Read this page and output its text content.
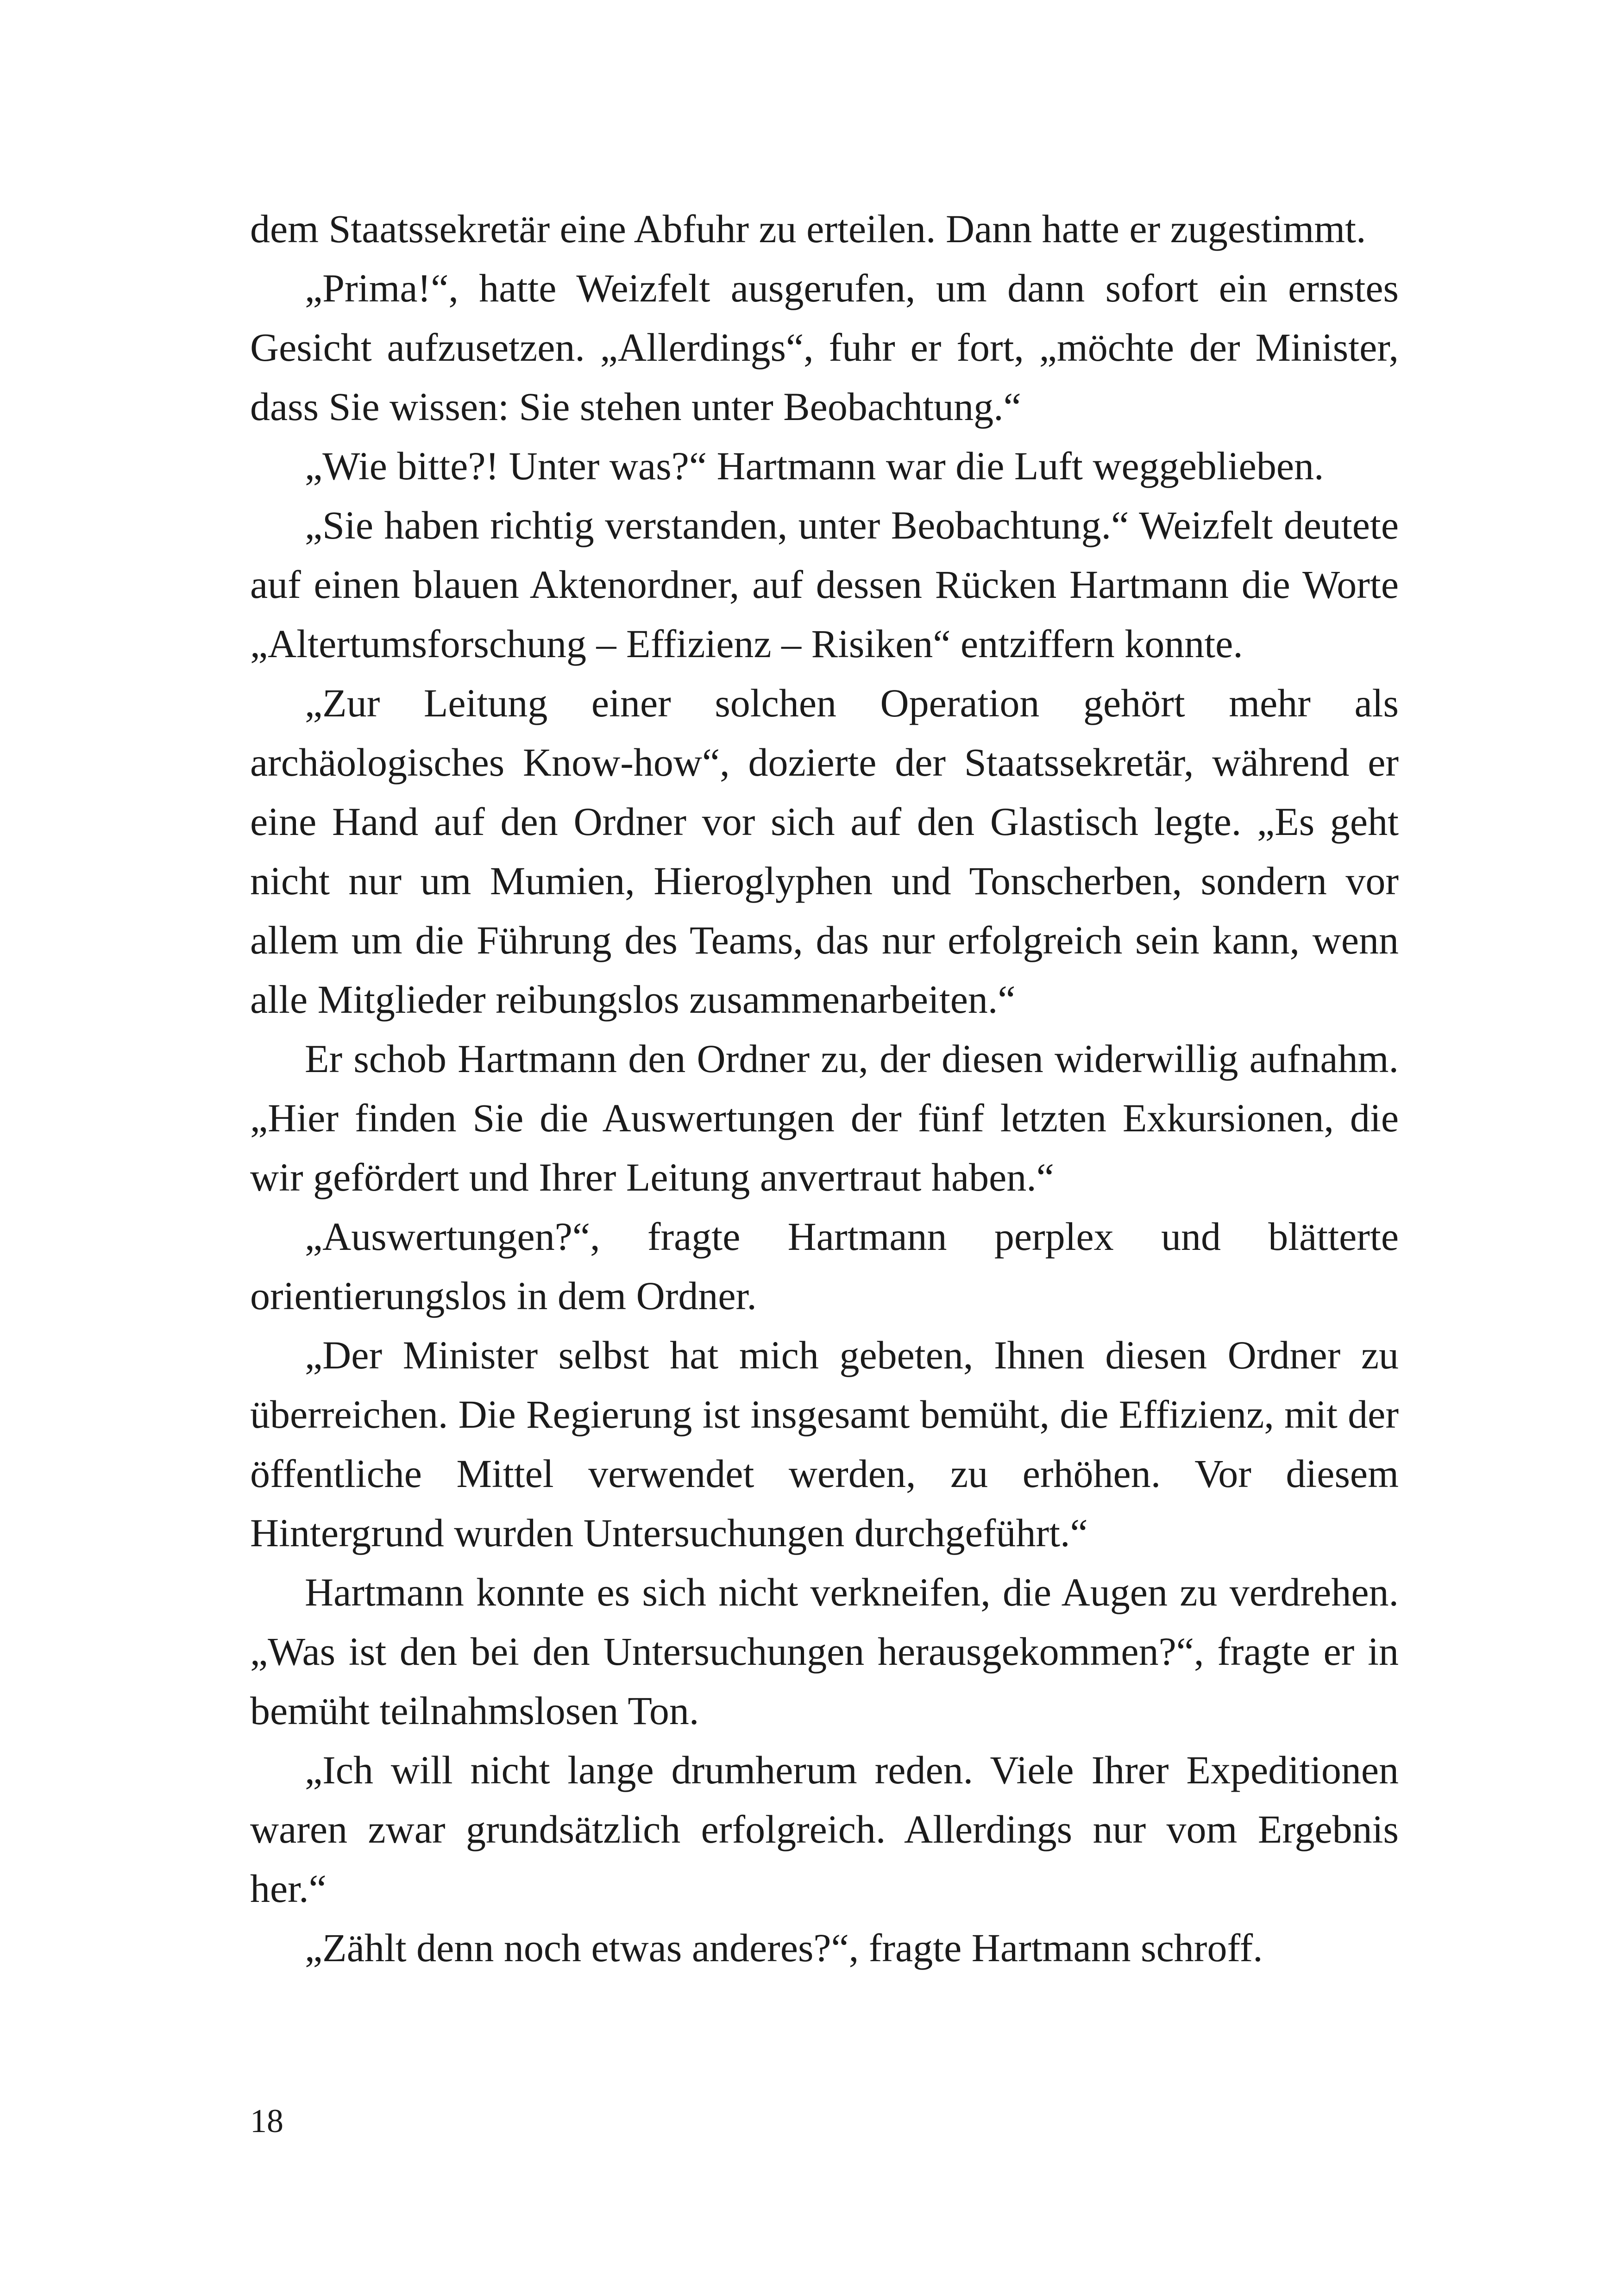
dem Staatssekretär eine Abfuhr zu erteilen. Dann hatte er zugestimmt.

„Prima!“, hatte Weizfelt ausgerufen, um dann sofort ein ernstes Gesicht aufzusetzen. „Allerdings“, fuhr er fort, „möchte der Minister, dass Sie wissen: Sie stehen unter Beobachtung.“

„Wie bitte?! Unter was?“ Hartmann war die Luft weggeblieben.

„Sie haben richtig verstanden, unter Beobachtung.“ Weizfelt deutete auf einen blauen Aktenordner, auf dessen Rücken Hartmann die Worte „Altertumsforschung – Effizienz – Risiken“ entziffern konnte.

„Zur Leitung einer solchen Operation gehört mehr als archäologisches Know-how“, dozierte der Staatssekretär, während er eine Hand auf den Ordner vor sich auf den Glastisch legte. „Es geht nicht nur um Mumien, Hieroglyphen und Tonscherben, sondern vor allem um die Führung des Teams, das nur erfolgreich sein kann, wenn alle Mitglieder reibungslos zusammenarbeiten.“

Er schob Hartmann den Ordner zu, der diesen widerwillig aufnahm. „Hier finden Sie die Auswertungen der fünf letzten Exkursionen, die wir gefördert und Ihrer Leitung anvertraut haben.“

„Auswertungen?“, fragte Hartmann perplex und blätterte orientierungslos in dem Ordner.

„Der Minister selbst hat mich gebeten, Ihnen diesen Ordner zu überreichen. Die Regierung ist insgesamt bemüht, die Effizienz, mit der öffentliche Mittel verwendet werden, zu erhöhen. Vor diesem Hintergrund wurden Untersuchungen durchgeführt.“

Hartmann konnte es sich nicht verkneifen, die Augen zu verdrehen. „Was ist den bei den Untersuchungen herausgekommen?“, fragte er in bemüht teilnahmslosen Ton.

„Ich will nicht lange drumherum reden. Viele Ihrer Expeditionen waren zwar grundsätzlich erfolgreich. Allerdings nur vom Ergebnis her.“

„Zählt denn noch etwas anderes?“, fragte Hartmann schroff.

18
